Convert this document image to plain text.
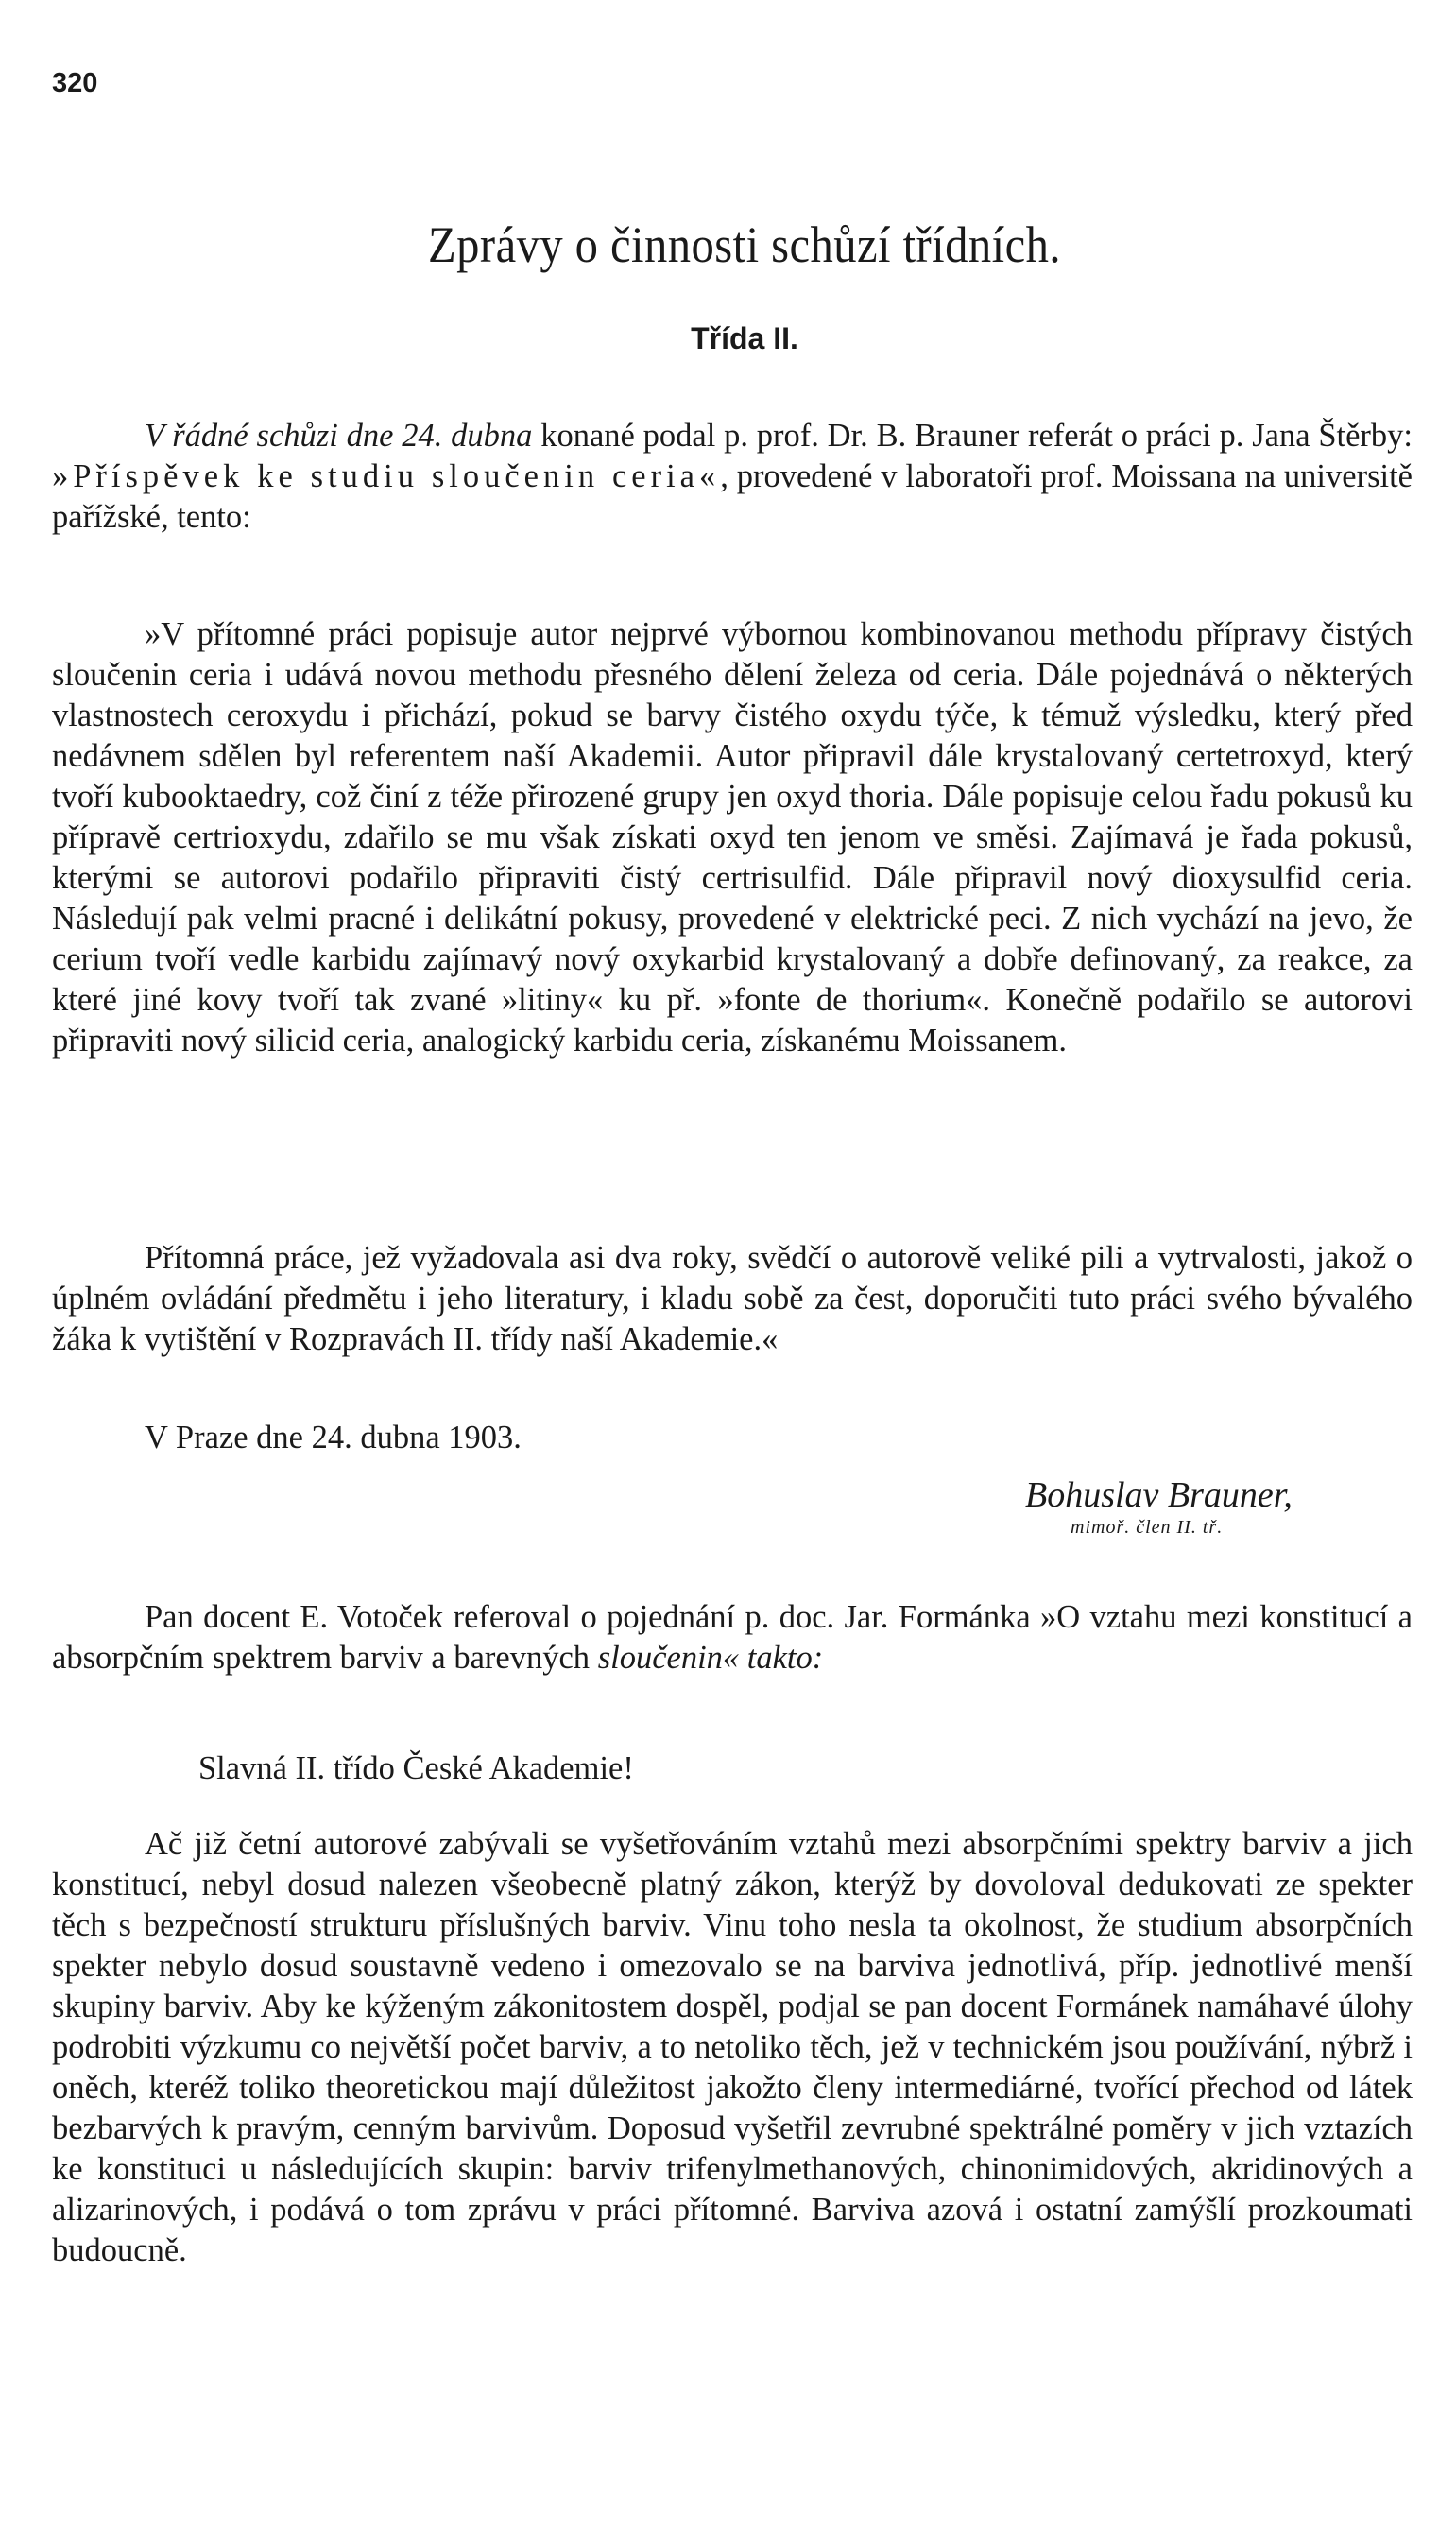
320
Zprávy o činnosti schůzí třídních.
Třída II.

V řádné schůzi dne 24. dubna konané podal p. prof. Dr. B. Brauner referát o práci p. Jana Štěrby: »Příspěvek ke studiu sloučenin ceria«, provedené v laboratoři prof. Moissana na universitě pařížské, tento:

»V přítomné práci popisuje autor nejprvé výbornou kombinovanou methodu přípravy čistých sloučenin ceria i udává novou methodu přesného dělení železa od ceria. Dále pojednává o některých vlastnostech ceroxydu i přichází, pokud se barvy čistého oxydu týče, k témuž výsledku, který před nedávnem sdělen byl referentem naší Akademii. Autor připravil dále krystalovaný certetroxyd, který tvoří kubooktaedry, což činí z téže přirozené grupy jen oxyd thoria. Dále popisuje celou řadu pokusů ku přípravě certrioxydu, zdařilo se mu však získati oxyd ten jenom ve směsi. Zajímavá je řada pokusů, kterými se autorovi podařilo připraviti čistý certrisulfid. Dále připravil nový dioxysulfid ceria. Následují pak velmi pracné i delikátní pokusy, provedené v elektrické peci. Z nich vychází na jevo, že cerium tvoří vedle karbidu zajímavý nový oxykarbid krystalovaný a dobře definovaný, za reakce, za které jiné kovy tvoří tak zvané »litiny« ku př. »fonte de thorium«. Konečně podařilo se autorovi připraviti nový silicid ceria, analogický karbidu ceria, získanému Moissanem.

Přítomná práce, jež vyžadovala asi dva roky, svědčí o autorově veliké pili a vytrvalosti, jakož o úplném ovládání předmětu i jeho literatury, i kladu sobě za čest, doporučiti tuto práci svého bývalého žáka k vytištění v Rozpravách II. třídy naší Akademie.«

V Praze dne 24. dubna 1903.

Bohuslav Brauner,
mimoř. člen II. tř.

Pan docent E. Votoček referoval o pojednání p. doc. Jar. Formánka »O vztahu mezi konstitucí a absorpčním spektrem barviv a barevných sloučenin« takto:

Slavná II. třído České Akademie!

Ač již četní autorové zabývali se vyšetřováním vztahů mezi absorpčními spektry barviv a jich konstitucí, nebyl dosud nalezen všeobecně platný zákon, kterýž by dovoloval dedukovati ze spekter těch s bezpečností strukturu příslušných barviv. Vinu toho nesla ta okolnost, že studium absorpčních spekter nebylo dosud soustavně vedeno i omezovalo se na barviva jednotlivá, příp. jednotlivé menší skupiny barviv. Aby ke kýženým zákonitostem dospěl, podjal se pan docent Formánek namáhavé úlohy podrobiti výzkumu co největší počet barviv, a to netoliko těch, jež v technickém jsou používání, nýbrž i oněch, kteréž toliko theoretickou mají důležitost jakožto členy intermediárné, tvořící přechod od látek bezbarvých k pravým, cenným barvivům. Doposud vyšetřil zevrubné spektrálné poměry v jich vztazích ke konstituci u následujících skupin: barviv trifenylmethanových, chinonimidových, akridinových a alizarinových, i podává o tom zprávu v práci přítomné. Barviva azová i ostatní zamýšlí prozkoumati budoucně.
